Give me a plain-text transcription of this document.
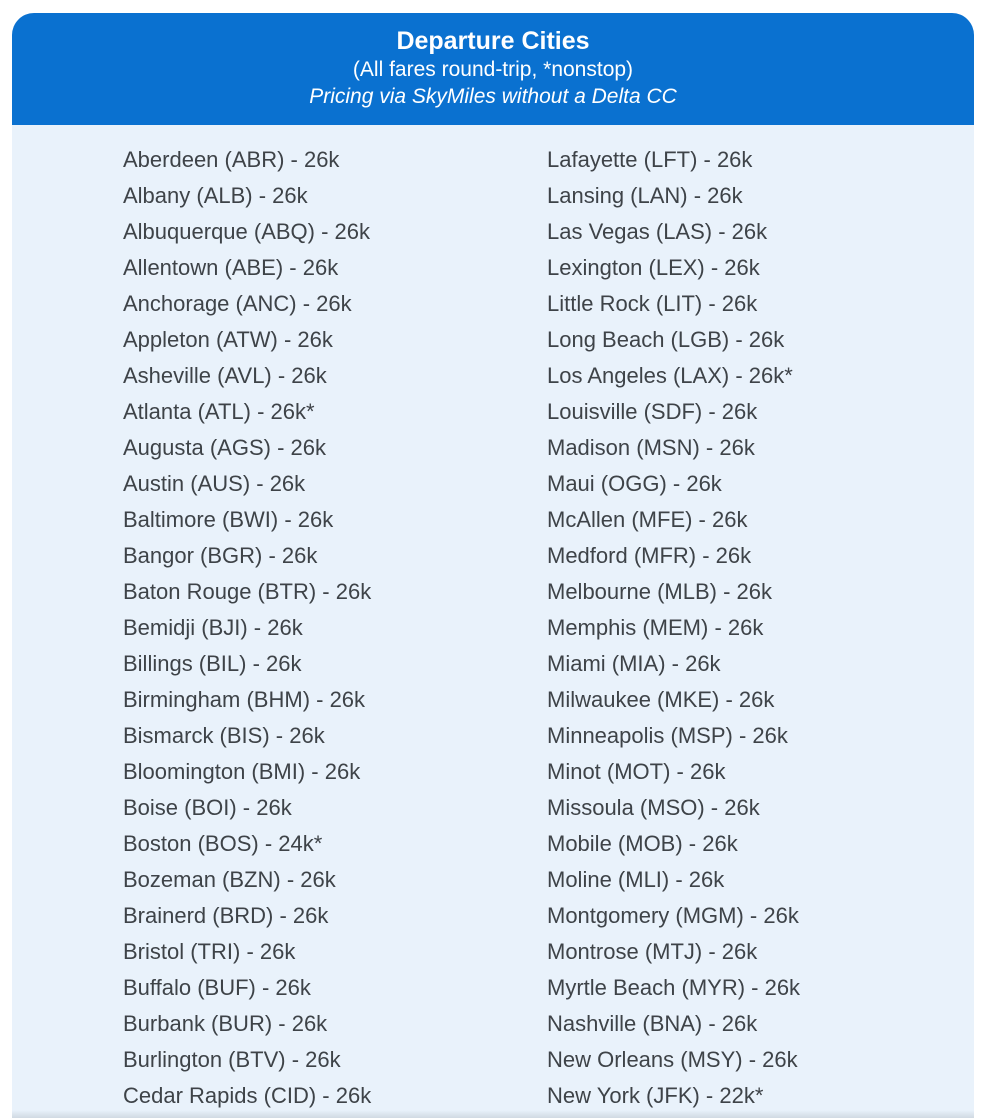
Departure Cities
(All fares round-trip, *nonstop)
Pricing via SkyMiles without a Delta CC
Aberdeen (ABR) - 26k
Albany (ALB) - 26k
Albuquerque (ABQ) - 26k
Allentown (ABE) - 26k
Anchorage (ANC) - 26k
Appleton (ATW) - 26k
Asheville (AVL) - 26k
Atlanta (ATL) - 26k*
Augusta (AGS) - 26k
Austin (AUS) - 26k
Baltimore (BWI) - 26k
Bangor (BGR) - 26k
Baton Rouge (BTR) - 26k
Bemidji (BJI) - 26k
Billings (BIL) - 26k
Birmingham (BHM) - 26k
Bismarck (BIS) - 26k
Bloomington (BMI) - 26k
Boise (BOI) - 26k
Boston (BOS) - 24k*
Bozeman (BZN) - 26k
Brainerd (BRD) - 26k
Bristol (TRI) - 26k
Buffalo (BUF) - 26k
Burbank (BUR) - 26k
Burlington (BTV) - 26k
Cedar Rapids (CID) - 26k
Lafayette (LFT) - 26k
Lansing (LAN) - 26k
Las Vegas (LAS) - 26k
Lexington (LEX) - 26k
Little Rock (LIT) - 26k
Long Beach (LGB) - 26k
Los Angeles (LAX) - 26k*
Louisville (SDF) - 26k
Madison (MSN) - 26k
Maui (OGG) - 26k
McAllen (MFE) - 26k
Medford (MFR) - 26k
Melbourne (MLB) - 26k
Memphis (MEM) - 26k
Miami (MIA) - 26k
Milwaukee (MKE) - 26k
Minneapolis (MSP) - 26k
Minot (MOT) - 26k
Missoula (MSO) - 26k
Mobile (MOB) - 26k
Moline (MLI) - 26k
Montgomery (MGM) - 26k
Montrose (MTJ) - 26k
Myrtle Beach (MYR) - 26k
Nashville (BNA) - 26k
New Orleans (MSY) - 26k
New York (JFK) - 22k*
